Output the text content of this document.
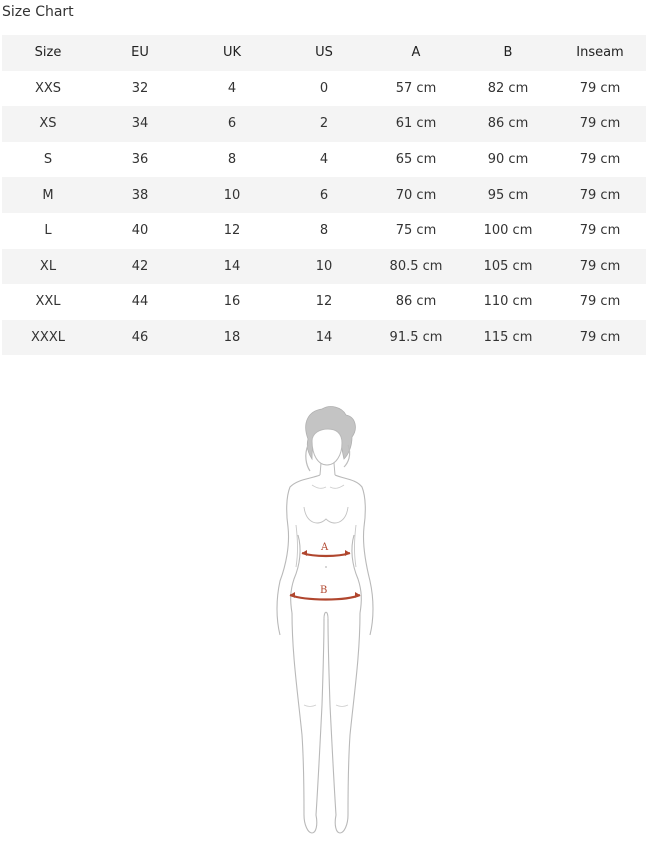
Size Chart
Size	EU	UK	US	A	B	Inseam
XXS	32	4	0	57 cm	82 cm	79 cm
XS	34	6	2	61 cm	86 cm	79 cm
S	36	8	4	65 cm	90 cm	79 cm
M	38	10	6	70 cm	95 cm	79 cm
L	40	12	8	75 cm	100 cm	79 cm
XL	42	14	10	80.5 cm	105 cm	79 cm
XXL	44	16	12	86 cm	110 cm	79 cm
XXXL	46	18	14	91.5 cm	115 cm	79 cm
A
B
